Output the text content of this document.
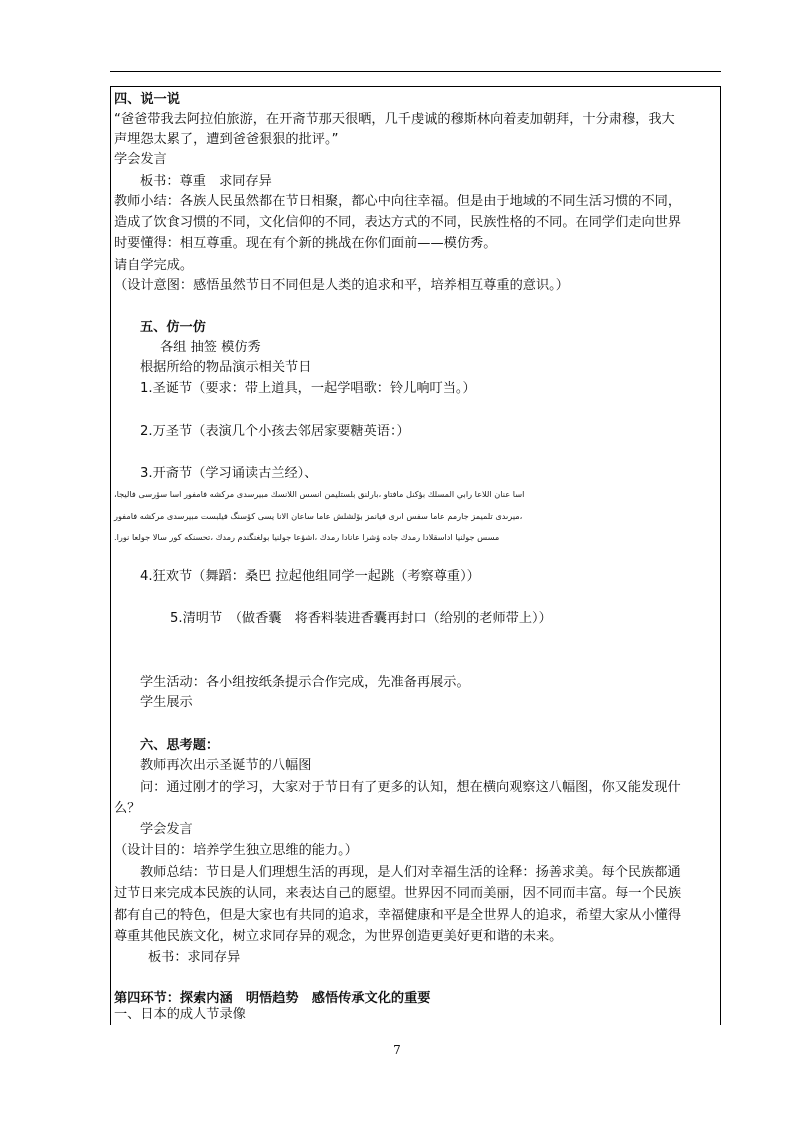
四、说一说
“爸爸带我去阿拉伯旅游，在开斋节那天很晒，几千虔诚的穆斯林向着麦加朝拜，十分肃穆，我大
声埋怨太累了，遭到爸爸狠狠的批评。”
学会发言
板书：尊重　求同存异
教师小结：各族人民虽然都在节日相聚，都心中向往幸福。但是由于地域的不同生活习惯的不同，
造成了饮食习惯的不同，文化信仰的不同，表达方式的不同，民族性格的不同。在同学们走向世界
时要懂得：相互尊重。现在有个新的挑战在你们面前——模仿秀。
请自学完成。
（设计意图：感悟虽然节日不同但是人类的追求和平，培养相互尊重的意识。）
五、仿一仿
各组 抽签 模仿秀
根据所给的物品演示相关节日
1.圣诞节（要求：带上道具，一起学唱歌：铃儿响叮当。）
2.万圣节（表演几个小孩去邻居家要糖英语：）
3.开斋节（学习诵读古兰经）、
اسا عنان اللاعا رابي المسلك بؤكنل مافتاو ،بارلنق بلستليمن انسس اللانسك مبيرسدى مركشه فامفور اسا سۆرسى فاليجا،
،ميرىدى تلميمز جارمم عاما سفس اىرى قيانمز بۆلشلش عاما ساعان الانا يسى كۆسنگ فيلبست مبيرسدى مركشه فامفور
مسس جولنيا اداسقلادا رمدك جاده ۋشرا عانادا رمدك ،اشۋعا جولنيا بولغنگندم رمدك ،تحسنكه كور سالا جولعا نورا.
4.狂欢节（舞蹈：桑巴 拉起他组同学一起跳（考察尊重））
5.清明节　（做香囊　将香料装进香囊再封口（给别的老师带上））
学生活动：各小组按纸条提示合作完成，先准备再展示。
学生展示
六、思考题：
教师再次出示圣诞节的八幅图
问：通过刚才的学习，大家对于节日有了更多的认知，想在横向观察这八幅图，你又能发现什
么？
学会发言
（设计目的：培养学生独立思维的能力。）
教师总结：节日是人们理想生活的再现，是人们对幸福生活的诠释：扬善求美。每个民族都通
过节日来完成本民族的认同，来表达自己的愿望。世界因不同而美丽，因不同而丰富。每一个民族
都有自己的特色，但是大家也有共同的追求，幸福健康和平是全世界人的追求，希望大家从小懂得
尊重其他民族文化，树立求同存异的观念，为世界创造更美好更和谐的未来。
板书：求同存异
第四环节：探索内涵　明悟趋势　感悟传承文化的重要
一、日本的成人节录像
7
